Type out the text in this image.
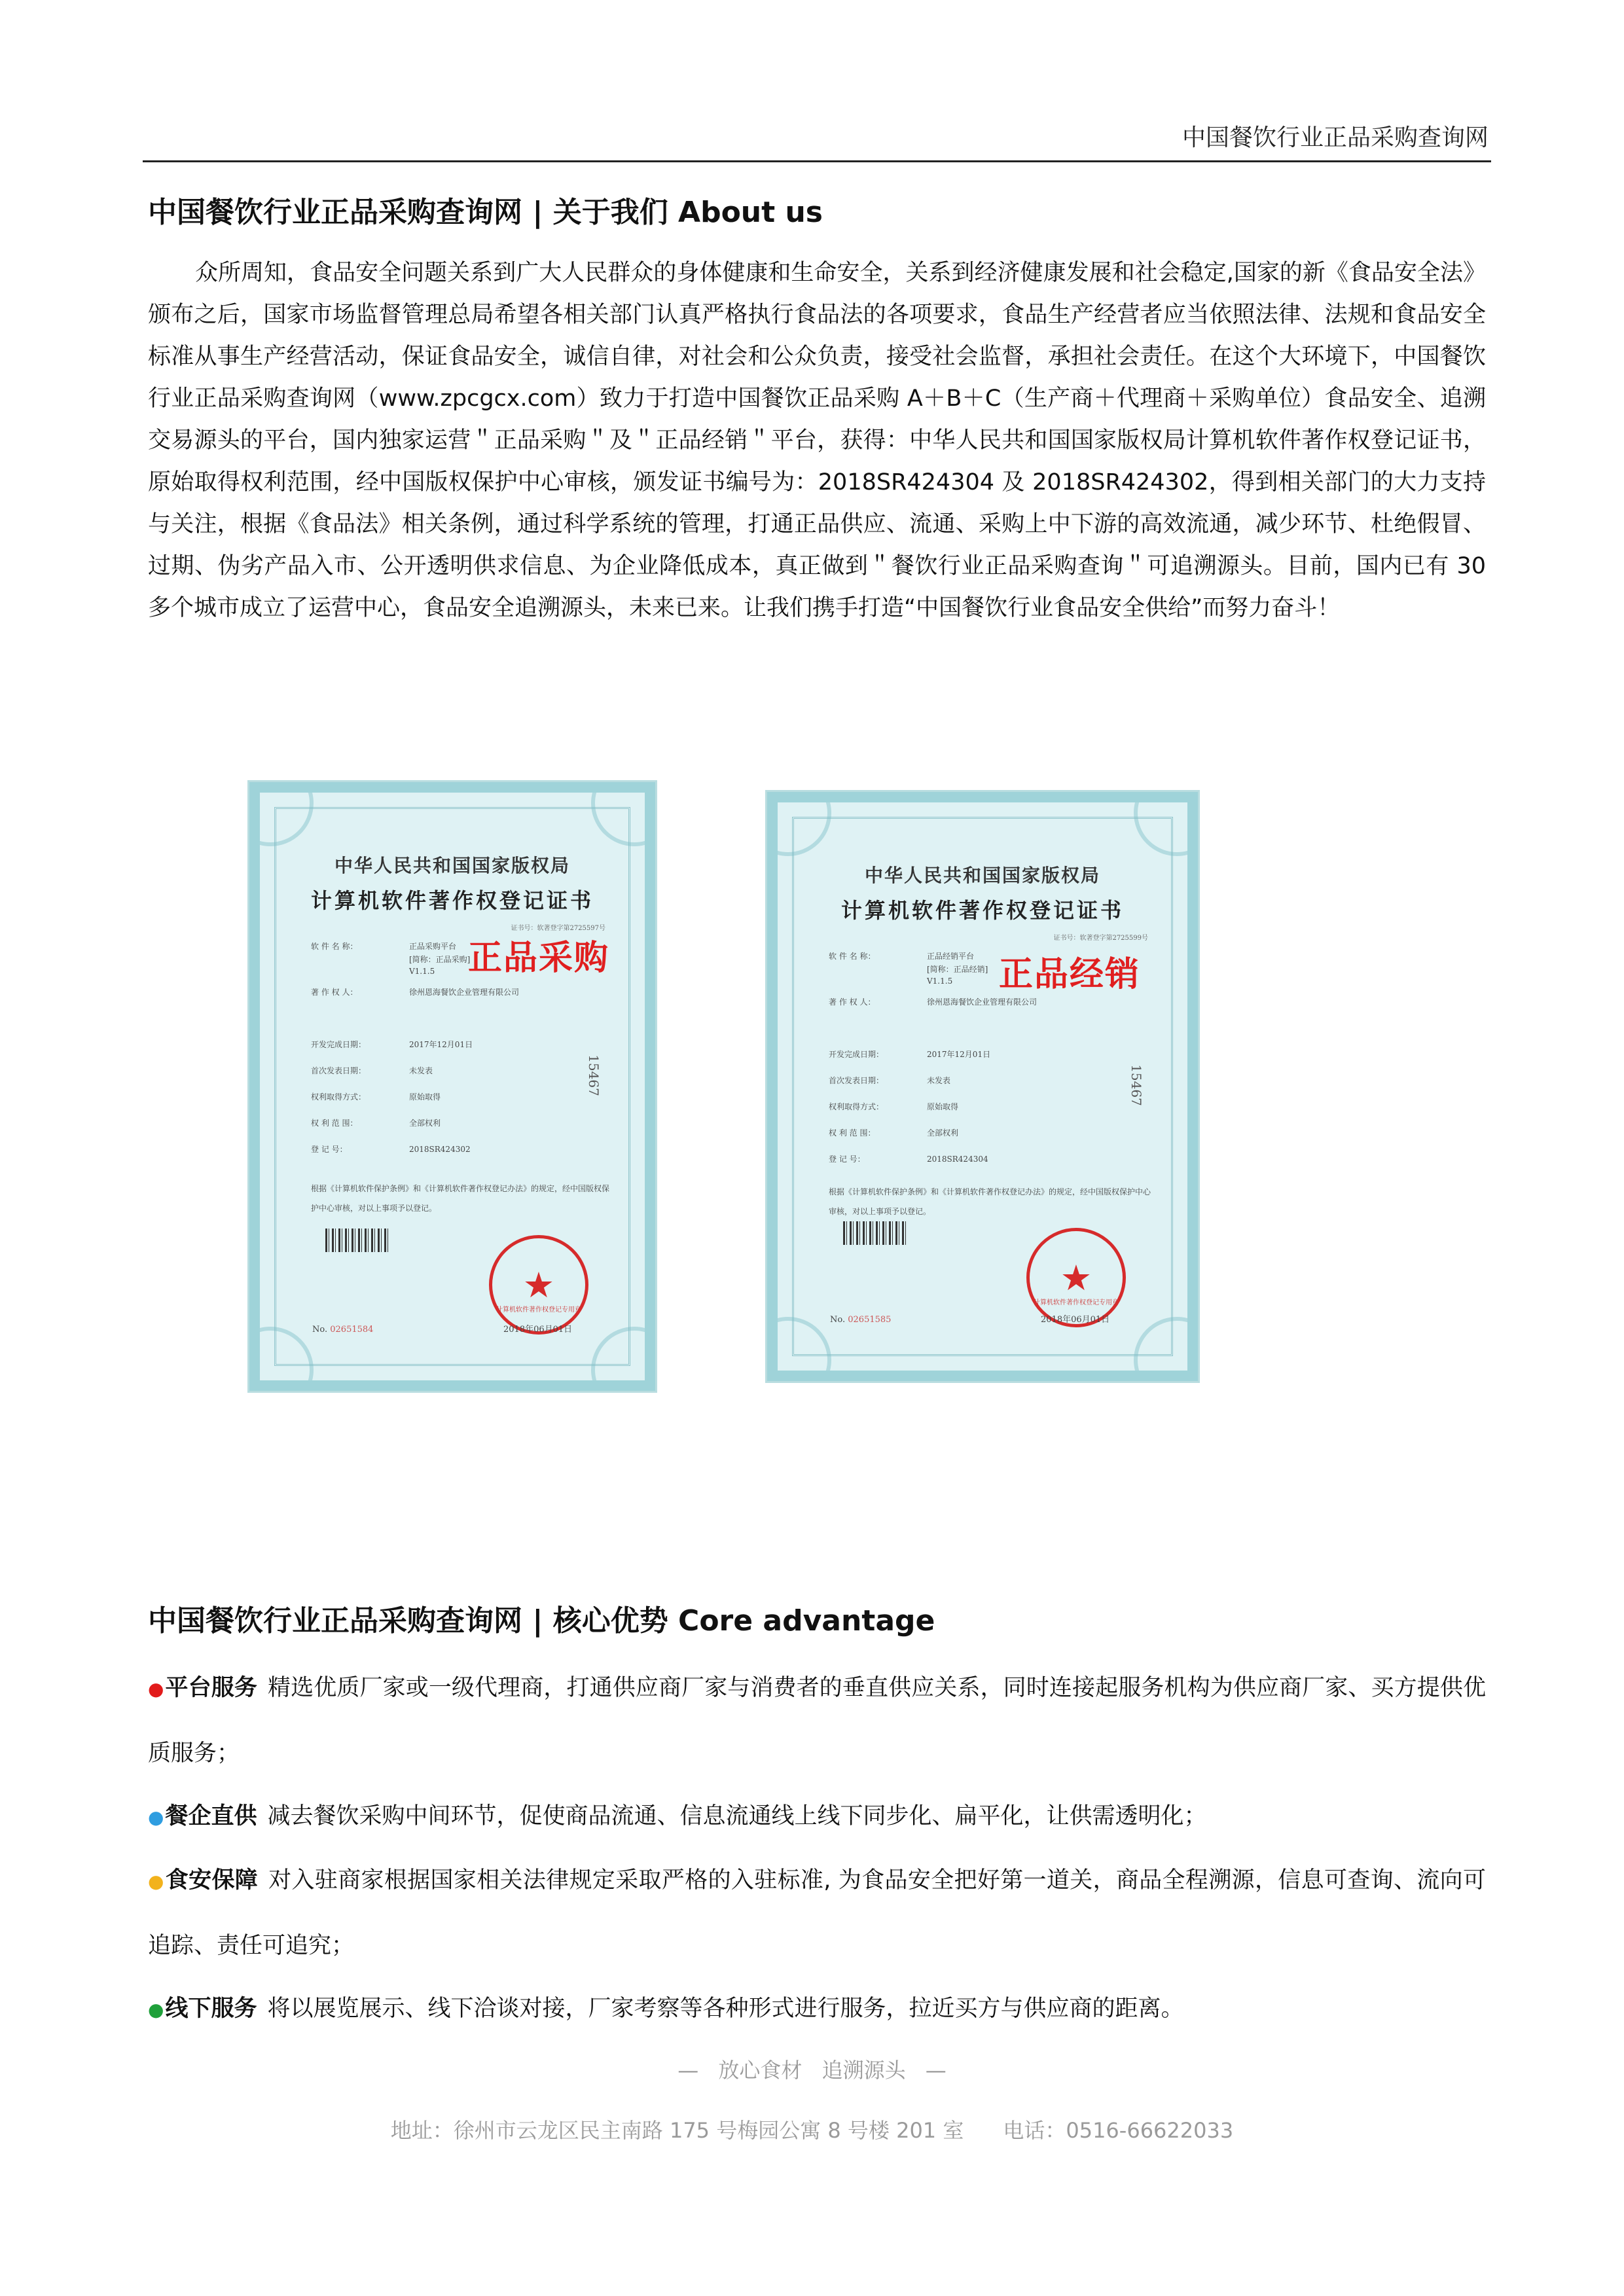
中国餐饮行业正品采购查询网
中国餐饮行业正品采购查询网 | 关于我们 About us
众所周知，食品安全问题关系到广大人民群众的身体健康和生命安全，关系到经济健康发展和社会稳定,国家的新《食品安全法》颁布之后，国家市场监督管理总局希望各相关部门认真严格执行食品法的各项要求，食品生产经营者应当依照法律、法规和食品安全标准从事生产经营活动，保证食品安全，诚信自律，对社会和公众负责，接受社会监督，承担社会责任。在这个大环境下，中国餐饮行业正品采购查询网（www.zpcgcx.com）致力于打造中国餐饮正品采购 A＋B＋C（生产商＋代理商＋采购单位）食品安全、追溯交易源头的平台，国内独家运营＂正品采购＂及＂正品经销＂平台，获得：中华人民共和国国家版权局计算机软件著作权登记证书，原始取得权利范围，经中国版权保护中心审核，颁发证书编号为：2018SR424304 及 2018SR424302，得到相关部门的大力支持与关注，根据《食品法》相关条例，通过科学系统的管理，打通正品供应、流通、采购上中下游的高效流通，减少环节、杜绝假冒、过期、伪劣产品入市、公开透明供求信息、为企业降低成本，真正做到＂餐饮行业正品采购查询＂可追溯源头。目前，国内已有 30 多个城市成立了运营中心，食品安全追溯源头，未来已来。让我们携手打造“中国餐饮行业食品安全供给”而努力奋斗！
中华人民共和国国家版权局
计算机软件著作权登记证书
证书号：软著登字第2725597号
软 件 名 称：	正品采购平台
[简称：正品采购]
V1.1.5 正品采购
著 作 权 人：	徐州恩海餐饮企业管理有限公司
开发完成日期：	2017年12月01日
首次发表日期：	未发表
权利取得方式：	原始取得
权 利 范 围：	全部权利
登 记 号：	2018SR424302
根据《计算机软件保护条例》和《计算机软件著作权登记办法》的规定，经中国版权保护中心审核，对以上事项予以登记。
15467
★
计算机软件著作权登记专用章
No. 02651584	2018年06月01日
中华人民共和国国家版权局
计算机软件著作权登记证书
证书号：软著登字第2725599号
软 件 名 称：	正品经销平台
[简称：正品经销]
V1.1.5 正品经销
著 作 权 人：	徐州恩海餐饮企业管理有限公司
开发完成日期：	2017年12月01日
首次发表日期：	未发表
权利取得方式：	原始取得
权 利 范 围：	全部权利
登 记 号：	2018SR424304
根据《计算机软件保护条例》和《计算机软件著作权登记办法》的规定，经中国版权保护中心审核，对以上事项予以登记。
15467
★
计算机软件著作权登记专用章
No. 02651585	2018年06月01日
中国餐饮行业正品采购查询网 | 核心优势 Core advantage
●平台服务 精选优质厂家或一级代理商，打通供应商厂家与消费者的垂直供应关系，同时连接起服务机构为供应商厂家、买方提供优质服务；
●餐企直供 减去餐饮采购中间环节，促使商品流通、信息流通线上线下同步化、扁平化，让供需透明化；
●食安保障 对入驻商家根据国家相关法律规定采取严格的入驻标准, 为食品安全把好第一道关，商品全程溯源，信息可查询、流向可追踪、责任可追究；
●线下服务 将以展览展示、线下洽谈对接，厂家考察等各种形式进行服务，拉近买方与供应商的距离。
— 放心食材 追溯源头 —
地址：徐州市云龙区民主南路 175 号梅园公寓 8 号楼 201 室 电话：0516-66622033
